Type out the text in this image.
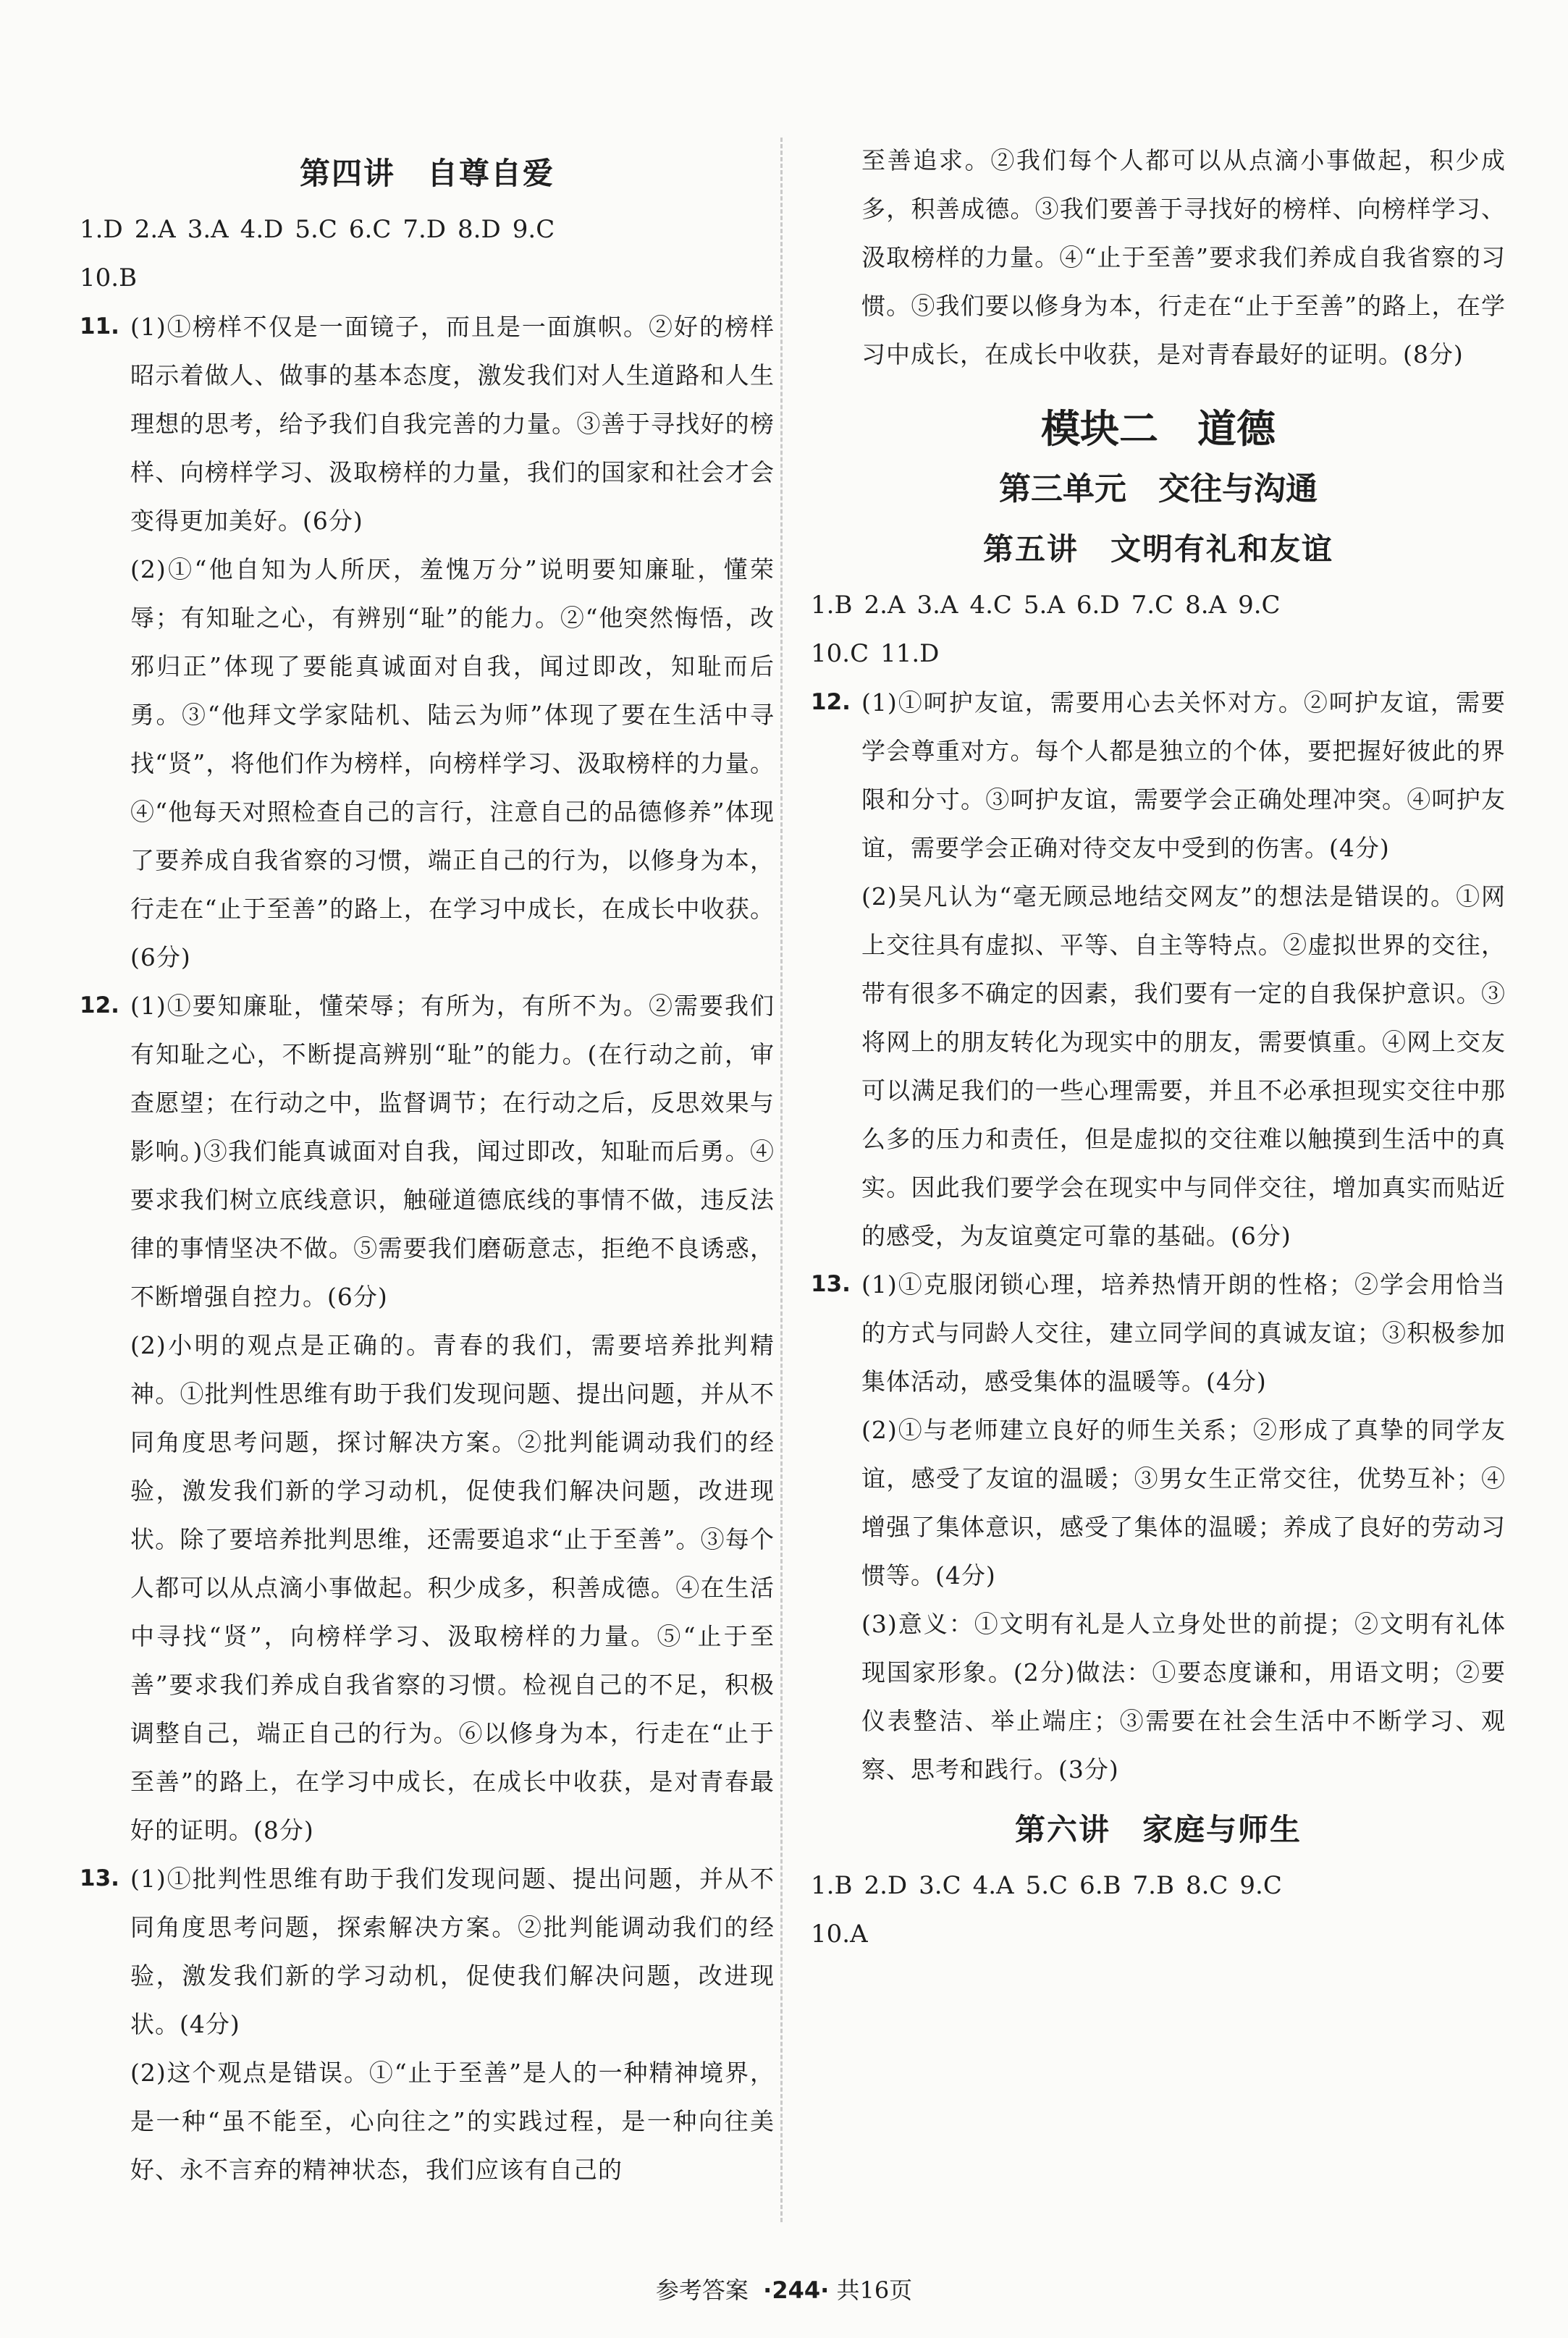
第四讲　自尊自爱
1.D 2.A 3.A 4.D 5.C 6.C 7.D 8.D 9.C
10.B
11. (1)①榜样不仅是一面镜子，而且是一面旗帜。②好的榜样昭示着做人、做事的基本态度，激发我们对人生道路和人生理想的思考，给予我们自我完善的力量。③善于寻找好的榜样、向榜样学习、汲取榜样的力量，我们的国家和社会才会变得更加美好。(6分)

(2)①“他自知为人所厌，羞愧万分”说明要知廉耻，懂荣辱；有知耻之心，有辨别“耻”的能力。②“他突然悔悟，改邪归正”体现了要能真诚面对自我，闻过即改，知耻而后勇。③“他拜文学家陆机、陆云为师”体现了要在生活中寻找“贤”，将他们作为榜样，向榜样学习、汲取榜样的力量。④“他每天对照检查自己的言行，注意自己的品德修养”体现了要养成自我省察的习惯，端正自己的行为，以修身为本，行走在“止于至善”的路上，在学习中成长，在成长中收获。(6分)

12. (1)①要知廉耻，懂荣辱；有所为，有所不为。②需要我们有知耻之心，不断提高辨别“耻”的能力。(在行动之前，审查愿望；在行动之中，监督调节；在行动之后，反思效果与影响。)③我们能真诚面对自我，闻过即改，知耻而后勇。④要求我们树立底线意识，触碰道德底线的事情不做，违反法律的事情坚决不做。⑤需要我们磨砺意志，拒绝不良诱惑，不断增强自控力。(6分)

(2)小明的观点是正确的。青春的我们，需要培养批判精神。①批判性思维有助于我们发现问题、提出问题，并从不同角度思考问题，探讨解决方案。②批判能调动我们的经验，激发我们新的学习动机，促使我们解决问题，改进现状。除了要培养批判思维，还需要追求“止于至善”。③每个人都可以从点滴小事做起。积少成多，积善成德。④在生活中寻找“贤”，向榜样学习、汲取榜样的力量。⑤“止于至善”要求我们养成自我省察的习惯。检视自己的不足，积极调整自己，端正自己的行为。⑥以修身为本，行走在“止于至善”的路上，在学习中成长，在成长中收获，是对青春最好的证明。(8分)

13. (1)①批判性思维有助于我们发现问题、提出问题，并从不同角度思考问题，探索解决方案。②批判能调动我们的经验，激发我们新的学习动机，促使我们解决问题，改进现状。(4分)

(2)这个观点是错误。①“止于至善”是人的一种精神境界，是一种“虽不能至，心向往之”的实践过程，是一种向往美好、永不言弃的精神状态，我们应该有自己的

至善追求。②我们每个人都可以从点滴小事做起，积少成多，积善成德。③我们要善于寻找好的榜样、向榜样学习、汲取榜样的力量。④“止于至善”要求我们养成自我省察的习惯。⑤我们要以修身为本，行走在“止于至善”的路上，在学习中成长，在成长中收获，是对青春最好的证明。(8分)

模块二　道德
第三单元　交往与沟通
第五讲　文明有礼和友谊
1.B 2.A 3.A 4.C 5.A 6.D 7.C 8.A 9.C
10.C 11.D
12. (1)①呵护友谊，需要用心去关怀对方。②呵护友谊，需要学会尊重对方。每个人都是独立的个体，要把握好彼此的界限和分寸。③呵护友谊，需要学会正确处理冲突。④呵护友谊，需要学会正确对待交友中受到的伤害。(4分)

(2)吴凡认为“毫无顾忌地结交网友”的想法是错误的。①网上交往具有虚拟、平等、自主等特点。②虚拟世界的交往，带有很多不确定的因素，我们要有一定的自我保护意识。③将网上的朋友转化为现实中的朋友，需要慎重。④网上交友可以满足我们的一些心理需要，并且不必承担现实交往中那么多的压力和责任，但是虚拟的交往难以触摸到生活中的真实。因此我们要学会在现实中与同伴交往，增加真实而贴近的感受，为友谊奠定可靠的基础。(6分)

13. (1)①克服闭锁心理，培养热情开朗的性格；②学会用恰当的方式与同龄人交往，建立同学间的真诚友谊；③积极参加集体活动，感受集体的温暖等。(4分)

(2)①与老师建立良好的师生关系；②形成了真挚的同学友谊，感受了友谊的温暖；③男女生正常交往，优势互补；④增强了集体意识，感受了集体的温暖；养成了良好的劳动习惯等。(4分)

(3)意义：①文明有礼是人立身处世的前提；②文明有礼体现国家形象。(2分)做法：①要态度谦和，用语文明；②要仪表整洁、举止端庄；③需要在社会生活中不断学习、观察、思考和践行。(3分)

第六讲　家庭与师生
1.B 2.D 3.C 4.A 5.C 6.B 7.B 8.C 9.C
10.A
参考答案 ·244· 共16页
